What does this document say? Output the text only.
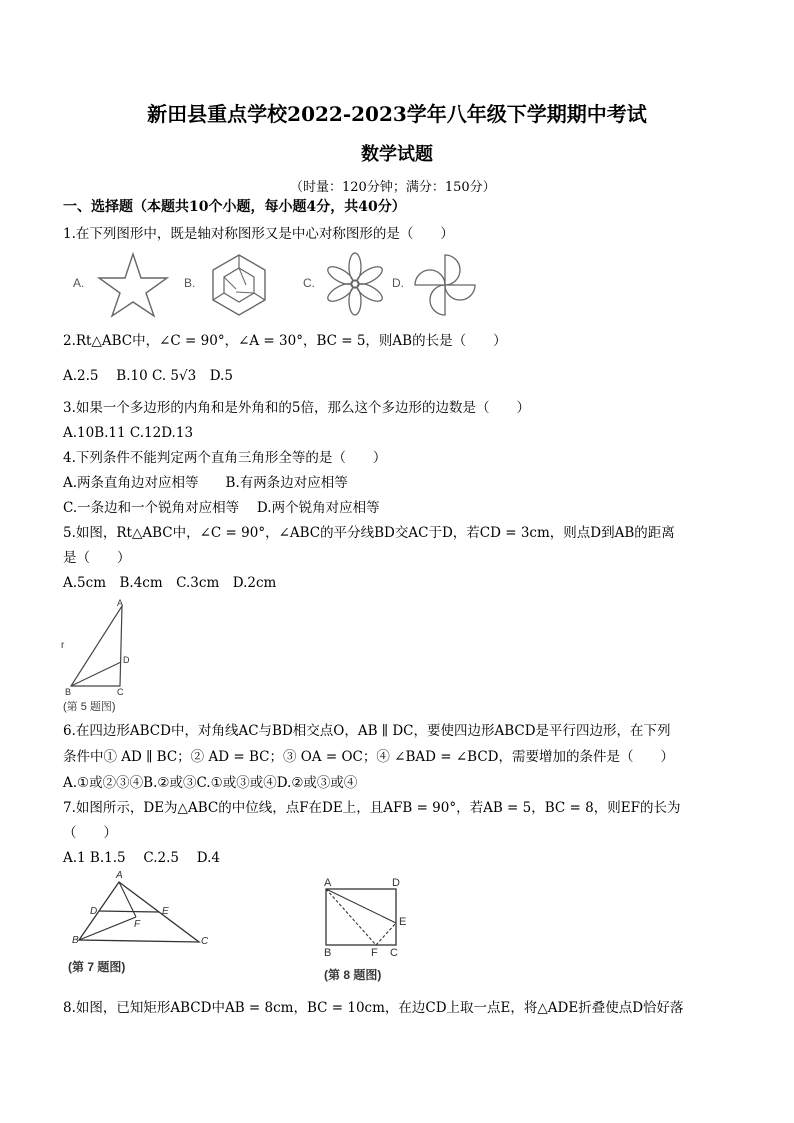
新田县重点学校2022-2023学年八年级下学期期中考试
数学试题
（时量：120分钟；满分：150分）
一、选择题（本题共10个小题，每小题4分，共40分）
1.在下列图形中，既是轴对称图形又是中心对称图形的是（　　）
A.	B.	C.	D.
2.Rt△ABC中，∠C = 90°，∠A = 30°，BC = 5，则AB的长是（　　）
A.2.5　 B.10 C. 5√3　D.5
3.如果一个多边形的内角和是外角和的5倍，那么这个多边形的边数是（　　）
A.10B.11 C.12D.13
4.下列条件不能判定两个直角三角形全等的是（　　）
A.两条直角边对应相等　　B.有两条边对应相等
C.一条边和一个锐角对应相等　 D.两个锐角对应相等
5.如图，Rt△ABC中，∠C = 90°，∠ABC的平分线BD交AC于D，若CD = 3cm，则点D到AB的距离
是（　　）
A.5cm　B.4cm　C.3cm　D.2cm
A
D
B	C
r
(第 5 题图)
6.在四边形ABCD中，对角线AC与BD相交点O，AB ∥ DC，要使四边形ABCD是平行四边形，在下列
条件中① AD ∥ BC；② AD = BC；③ OA = OC；④ ∠BAD = ∠BCD，需要增加的条件是（　　）
A.①或②③④B.②或③C.①或③或④D.②或③或④
7.如图所示，DE为△ABC的中位线，点F在DE上，且AFB = 90°，若AB = 5，BC = 8，则EF的长为
（　　）
A.1 B.1.5　 C.2.5　 D.4
A
D	E
F
B	C
(第 7 题图)
A	D
E
B	F C
(第 8 题图)
8.如图，已知矩形ABCD中AB = 8cm，BC = 10cm，在边CD上取一点E，将△ADE折叠使点D恰好落
